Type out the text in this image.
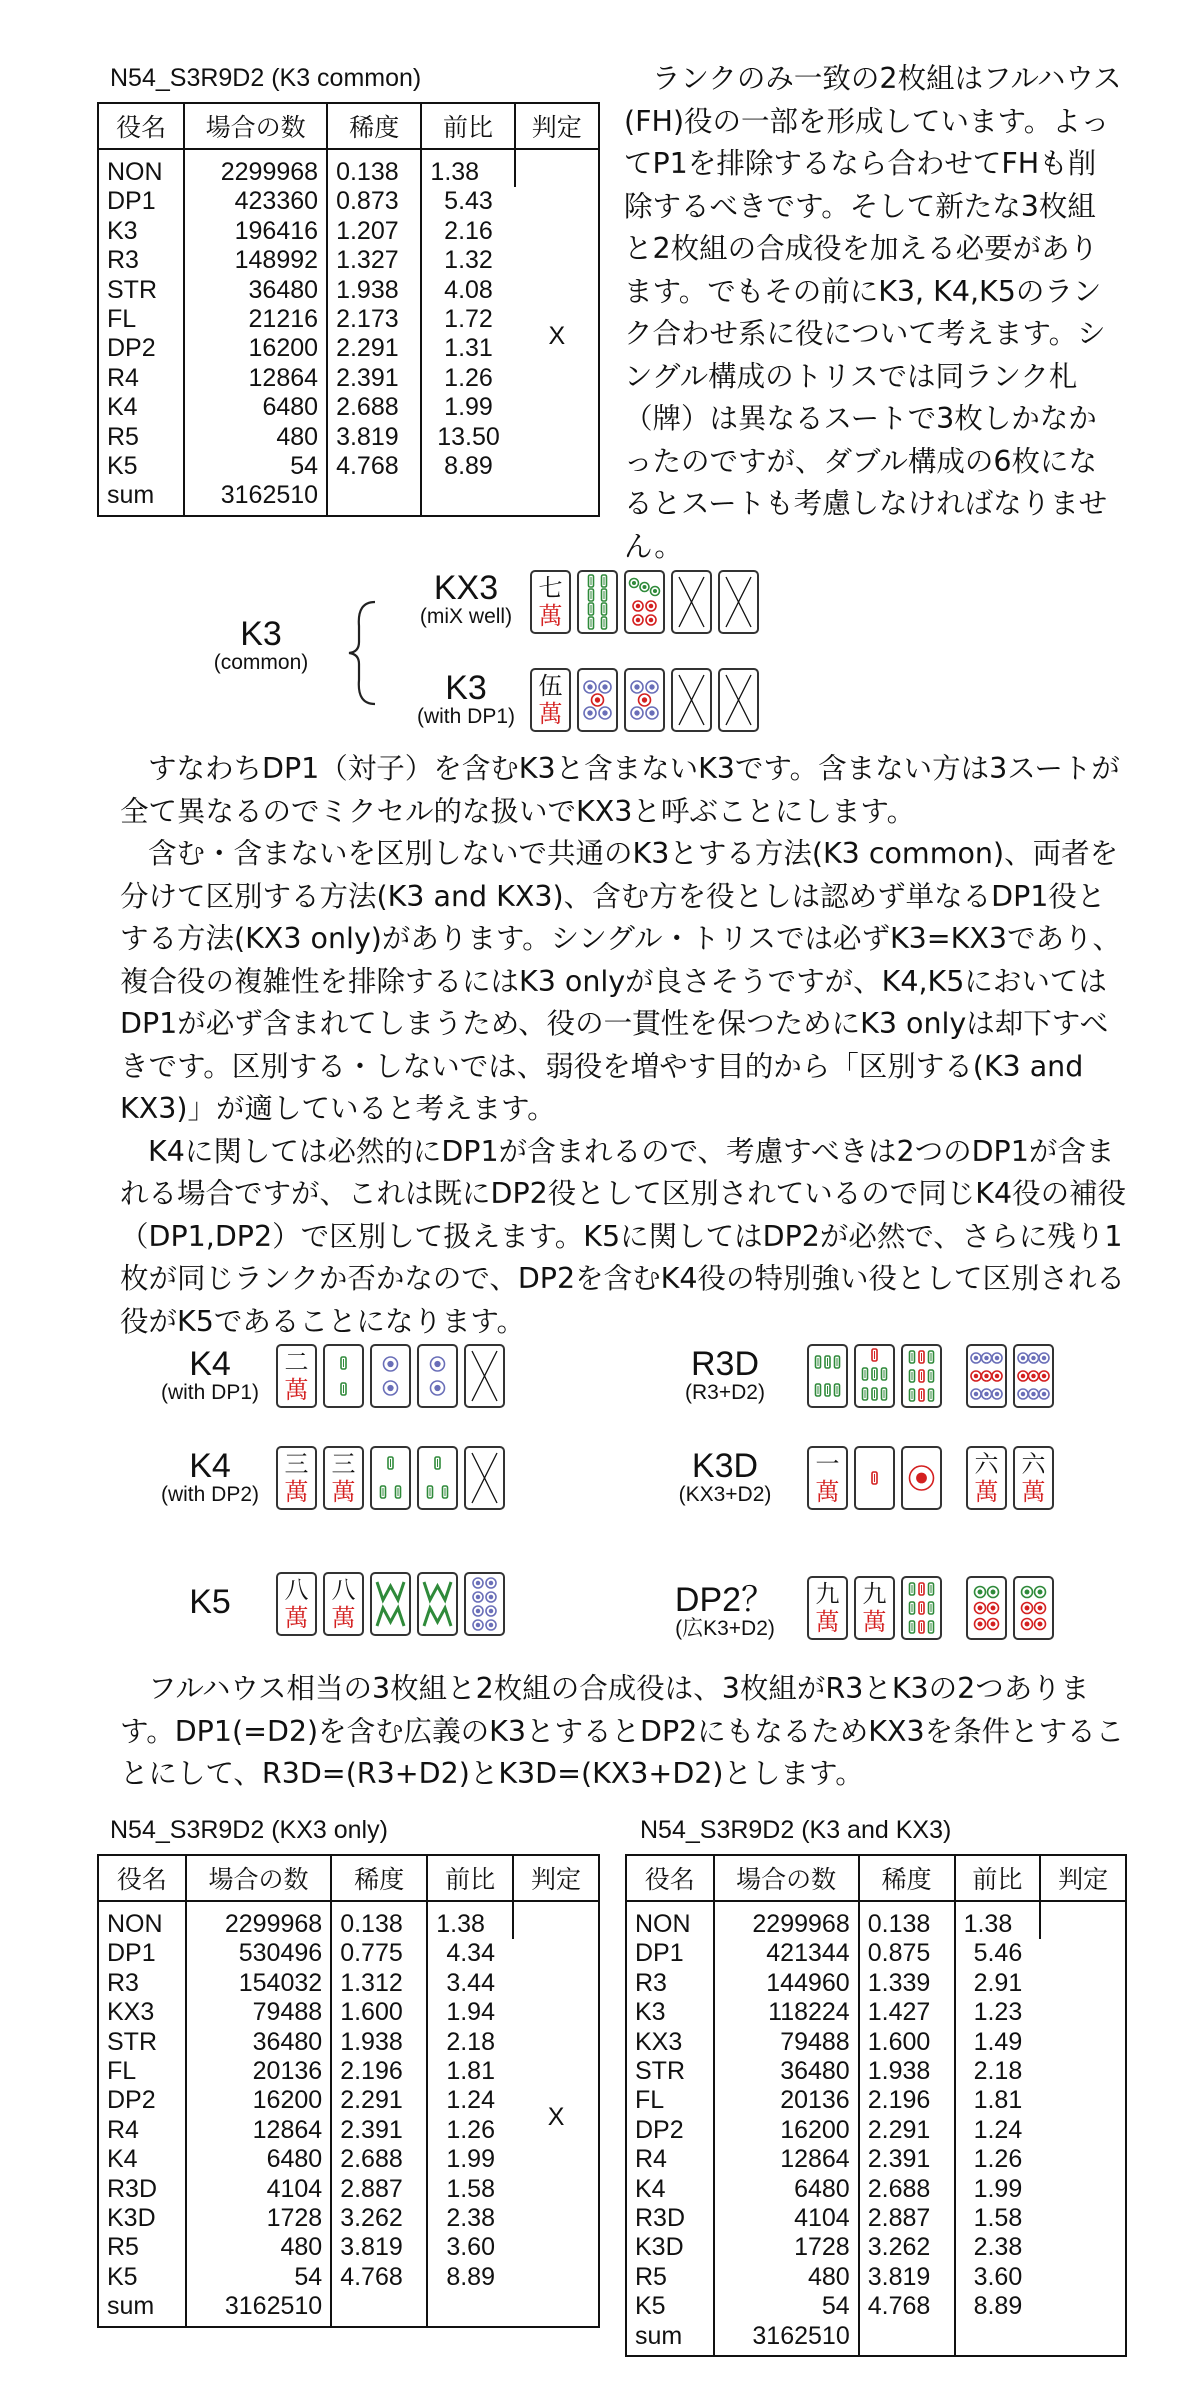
N54_S3R9D2 (K3 common)
役名	場合の数	稀度	前比	判定
NON	2299968	0.138	1.38	X
DP1	423360	0.873	5.43	
K3	196416	1.207	2.16	
R3	148992	1.327	1.32	
STR	36480	1.938	4.08	
FL	21216	2.173	1.72	
DP2	16200	2.291	1.31	
R4	12864	2.391	1.26	
K4	6480	2.688	1.99	
R5	480	3.819	13.50	
K5	54	4.768	8.89	
sum	3162510			
ランクのみ一致の2枚組はフルハウス(FH)役の一部を形成しています。よってP1を排除するなら合わせてFHも削除するべきです。そして新たな3枚組と2枚組の合成役を加える必要があります。でもその前にK3, K4,K5のランク合わせ系に役について考えます。シングル構成のトリスでは同ランク札（牌）は異なるスートで3枚しかなかったのですが、ダブル構成の6枚になるとスートも考慮しなければなりません。
K3
(common)
KX3
(miX well)
K3
(with DP1)
七
萬
伍
萬

すなわちDP1（対子）を含むK3と含まないK3です。含まない方は3スートが全て異なるのでミクセル的な扱いでKX3と呼ぶことにします。

含む・含まないを区別しないで共通のK3とする方法(K3 common)、両者を分けて区別する方法(K3 and KX3)、含む方を役としは認めず単なるDP1役とする方法(KX3 only)があります。シングル・トリスでは必ずK3=KX3であり、複合役の複雑性を排除するにはK3 onlyが良さそうですが、K4,K5においてはDP1が必ず含まれてしまうため、役の一貫性を保つためにK3 onlyは却下すべきです。区別する・しないでは、弱役を増やす目的から「区別する(K3 and KX3)」が適していると考えます。

K4に関しては必然的にDP1が含まれるので、考慮すべきは2つのDP1が含まれる場合ですが、これは既にDP2役として区別されているので同じK4役の補役（DP1,DP2）で区別して扱えます。K5に関してはDP2が必然で、さらに残り1枚が同じランクか否かなので、DP2を含むK4役の特別強い役として区別される役がK5であることになります。

K4
(with DP1)
二
萬
K4
(with DP2)
三
萬
三
萬
K5	八
萬
八
萬
R3D
(R3+D2)
K3D
(KX3+D2)
一
萬
六
萬
六
萬
DP2？
(広K3+D2)
九
萬
九
萬

フルハウス相当の3枚組と2枚組の合成役は、3枚組がR3とK3の2つあります。DP1(=D2)を含む広義のK3とするとDP2にもなるためKX3を条件とすることにして、R3D=(R3+D2)とK3D=(KX3+D2)とします。

N54_S3R9D2 (KX3 only)
役名	場合の数	稀度	前比	判定
NON	2299968	0.138	1.38	X
DP1	530496	0.775	4.34	
R3	154032	1.312	3.44	
KX3	79488	1.600	1.94	
STR	36480	1.938	2.18	
FL	20136	2.196	1.81	
DP2	16200	2.291	1.24	
R4	12864	2.391	1.26	
K4	6480	2.688	1.99	
R3D	4104	2.887	1.58	
K3D	1728	3.262	2.38	
R5	480	3.819	3.60	
K5	54	4.768	8.89	
sum	3162510			
N54_S3R9D2 (K3 and KX3)
役名	場合の数	稀度	前比	判定
NON	2299968	0.138	1.38	
DP1	421344	0.875	5.46	
R3	144960	1.339	2.91	
K3	118224	1.427	1.23	
KX3	79488	1.600	1.49	
STR	36480	1.938	2.18	
FL	20136	2.196	1.81	
DP2	16200	2.291	1.24	
R4	12864	2.391	1.26	
K4	6480	2.688	1.99	
R3D	4104	2.887	1.58	
K3D	1728	3.262	2.38	
R5	480	3.819	3.60	
K5	54	4.768	8.89	
sum	3162510			
